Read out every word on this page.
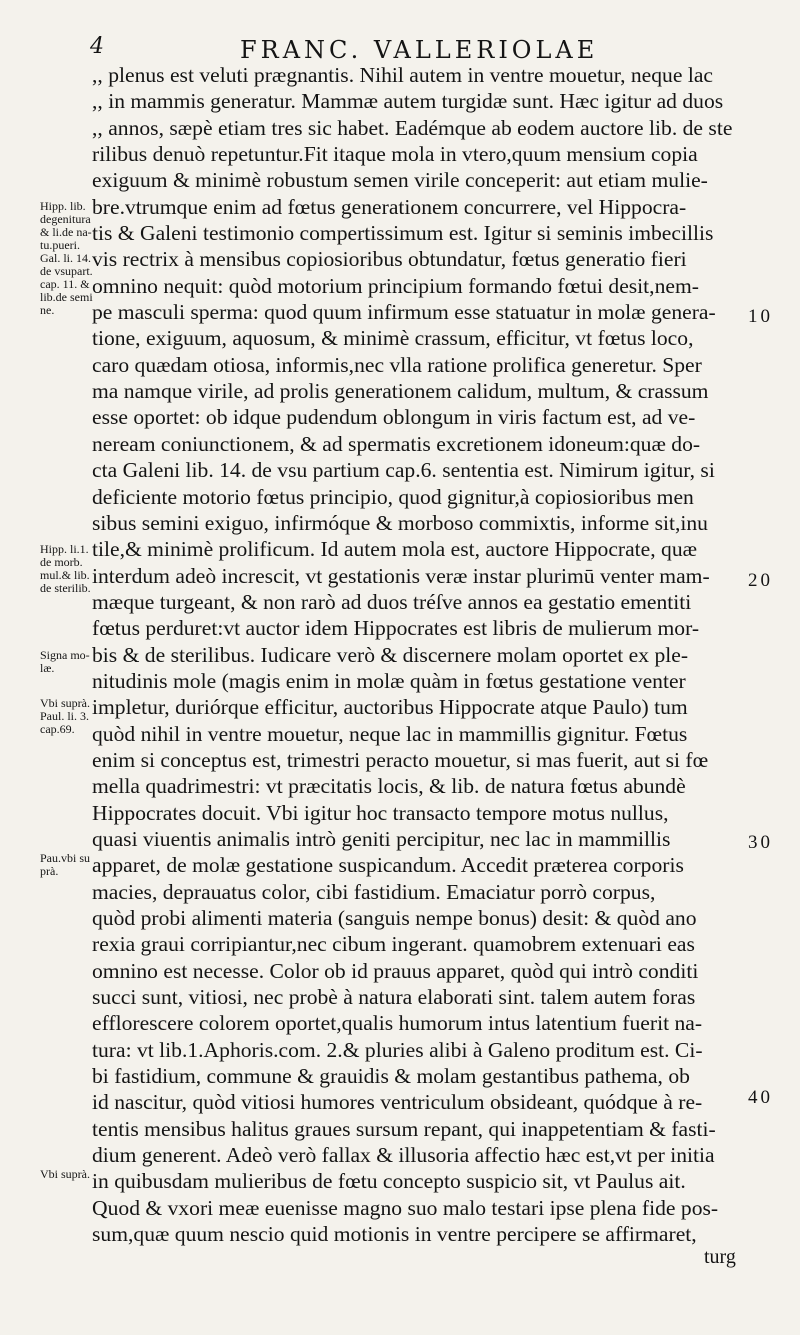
4	FRANC. VALLERIOLAE
,, plenus est veluti prægnantis. Nihil autem in ventre mouetur, neque lac
,, in mammis generatur. Mammæ autem turgidæ sunt. Hæc igitur ad duos
,, annos, sæpè etiam tres sic habet. Eadémque ab eodem auctore lib. de ste
rilibus denuò repetuntur.Fit itaque mola in vtero,quum mensium copia
exiguum & minimè robustum semen virile conceperit: aut etiam mulie-
bre.vtrumque enim ad fœtus generationem concurrere, vel Hippocra-
tis & Galeni testimonio compertissimum est. Igitur si seminis imbecillis
vis rectrix à mensibus copiosioribus obtundatur, fœtus generatio fieri
omnino nequit: quòd motorium principium formando fœtui desit,nem-
pe masculi sperma: quod quum infirmum esse statuatur in molæ genera-
tione, exiguum, aquosum, & minimè crassum, efficitur, vt fœtus loco,
caro quædam otiosa, informis,nec vlla ratione prolifica generetur. Sper
ma namque virile, ad prolis generationem calidum, multum, & crassum
esse oportet: ob idque pudendum oblongum in viris factum est, ad ve-
neream coniunctionem, & ad spermatis excretionem idoneum:quæ do-
cta Galeni lib. 14. de vsu partium cap.6. sententia est. Nimirum igitur, si
deficiente motorio fœtus principio, quod gignitur,à copiosioribus men
sibus semini exiguo, infirmóque & morboso commixtis, informe sit,inu
tile,& minimè prolificum. Id autem mola est, auctore Hippocrate, quæ
interdum adeò increscit, vt gestationis veræ instar plurimū venter mam-
mæque turgeant, & non rarò ad duos tréſve annos ea gestatio ementiti
fœtus perduret:vt auctor idem Hippocrates est libris de mulierum mor-
bis & de sterilibus. Iudicare verò & discernere molam oportet ex ple-
nitudinis mole (magis enim in molæ quàm in fœtus gestatione venter
impletur, duriórque efficitur, auctoribus Hippocrate atque Paulo) tum
quòd nihil in ventre mouetur, neque lac in mammillis gignitur. Fœtus
enim si conceptus est, trimestri peracto mouetur, si mas fuerit, aut si fœ
mella quadrimestri: vt præcitatis locis, & lib. de natura fœtus abundè
Hippocrates docuit. Vbi igitur hoc transacto tempore motus nullus,
quasi viuentis animalis intrò geniti percipitur, nec lac in mammillis
apparet, de molæ gestatione suspicandum. Accedit præterea corporis
macies, deprauatus color, cibi fastidium. Emaciatur porrò corpus,
quòd probi alimenti materia (sanguis nempe bonus) desit: & quòd ano
rexia graui corripiantur,nec cibum ingerant. quamobrem extenuari eas
omnino est necesse. Color ob id prauus apparet, quòd qui intrò conditi
succi sunt, vitiosi, nec probè à natura elaborati sint. talem autem foras
efflorescere colorem oportet,qualis humorum intus latentium fuerit na-
tura: vt lib.1.Aphoris.com. 2.& pluries alibi à Galeno proditum est. Ci-
bi fastidium, commune & grauidis & molam gestantibus pathema, ob
id nascitur, quòd vitiosi humores ventriculum obsideant, quódque à re-
tentis mensibus halitus graues sursum repant, qui inappetentiam & fasti-
dium generent. Adeò verò fallax & illusoria affectio hæc est,vt per initia
in quibusdam mulieribus de fœtu concepto suspicio sit, vt Paulus ait.
Quod & vxori meæ euenisse magno suo malo testari ipse plena fide pos-
sum,quæ quum nescio quid motionis in ventre percipere se affirmaret,
Hipp. lib.
degenitura
& li.de na-
tu.pueri.
Gal. li. 14.
de vsupart.
cap. 11. &
lib.de semi
ne.
Hipp. li.1.
de morb.
mul.& lib.
de sterilib.
Signa mo-
læ.
Vbi suprà.
Paul. li. 3.
cap.69.
Pau.vbi su
prà.
Vbi suprà.
10
20
30
40
turg
